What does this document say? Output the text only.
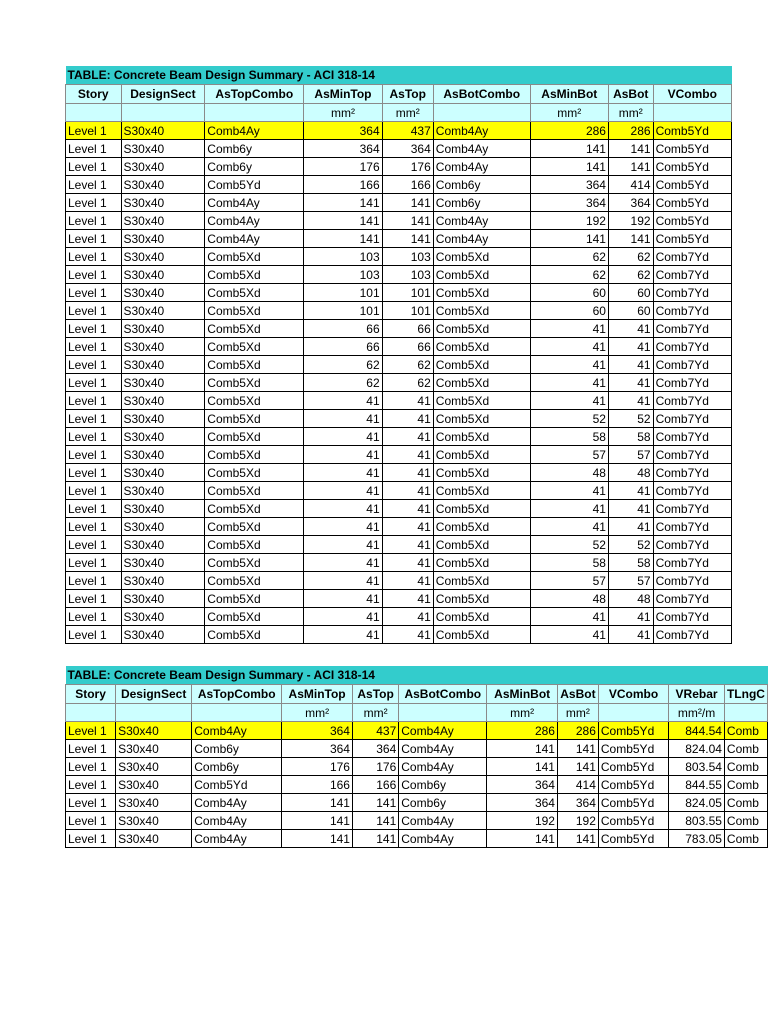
TABLE: Concrete Beam Design Summary - ACI 318-14								
Story	DesignSect	AsTopCombo	AsMinTop	AsTop	AsBotCombo	AsMinBot	AsBot	VCombo
			mm²	mm²		mm²	mm²	
Level 1	S30x40	Comb4Ay	364	437	Comb4Ay	286	286	Comb5Yd
Level 1	S30x40	Comb6y	364	364	Comb4Ay	141	141	Comb5Yd
Level 1	S30x40	Comb6y	176	176	Comb4Ay	141	141	Comb5Yd
Level 1	S30x40	Comb5Yd	166	166	Comb6y	364	414	Comb5Yd
Level 1	S30x40	Comb4Ay	141	141	Comb6y	364	364	Comb5Yd
Level 1	S30x40	Comb4Ay	141	141	Comb4Ay	192	192	Comb5Yd
Level 1	S30x40	Comb4Ay	141	141	Comb4Ay	141	141	Comb5Yd
Level 1	S30x40	Comb5Xd	103	103	Comb5Xd	62	62	Comb7Yd
Level 1	S30x40	Comb5Xd	103	103	Comb5Xd	62	62	Comb7Yd
Level 1	S30x40	Comb5Xd	101	101	Comb5Xd	60	60	Comb7Yd
Level 1	S30x40	Comb5Xd	101	101	Comb5Xd	60	60	Comb7Yd
Level 1	S30x40	Comb5Xd	66	66	Comb5Xd	41	41	Comb7Yd
Level 1	S30x40	Comb5Xd	66	66	Comb5Xd	41	41	Comb7Yd
Level 1	S30x40	Comb5Xd	62	62	Comb5Xd	41	41	Comb7Yd
Level 1	S30x40	Comb5Xd	62	62	Comb5Xd	41	41	Comb7Yd
Level 1	S30x40	Comb5Xd	41	41	Comb5Xd	41	41	Comb7Yd
Level 1	S30x40	Comb5Xd	41	41	Comb5Xd	52	52	Comb7Yd
Level 1	S30x40	Comb5Xd	41	41	Comb5Xd	58	58	Comb7Yd
Level 1	S30x40	Comb5Xd	41	41	Comb5Xd	57	57	Comb7Yd
Level 1	S30x40	Comb5Xd	41	41	Comb5Xd	48	48	Comb7Yd
Level 1	S30x40	Comb5Xd	41	41	Comb5Xd	41	41	Comb7Yd
Level 1	S30x40	Comb5Xd	41	41	Comb5Xd	41	41	Comb7Yd
Level 1	S30x40	Comb5Xd	41	41	Comb5Xd	41	41	Comb7Yd
Level 1	S30x40	Comb5Xd	41	41	Comb5Xd	52	52	Comb7Yd
Level 1	S30x40	Comb5Xd	41	41	Comb5Xd	58	58	Comb7Yd
Level 1	S30x40	Comb5Xd	41	41	Comb5Xd	57	57	Comb7Yd
Level 1	S30x40	Comb5Xd	41	41	Comb5Xd	48	48	Comb7Yd
Level 1	S30x40	Comb5Xd	41	41	Comb5Xd	41	41	Comb7Yd
Level 1	S30x40	Comb5Xd	41	41	Comb5Xd	41	41	Comb7Yd
TABLE: Concrete Beam Design Summary - ACI 318-14										
Story	DesignSect	AsTopCombo	AsMinTop	AsTop	AsBotCombo	AsMinBot	AsBot	VCombo	VRebar	TLngC
			mm²	mm²		mm²	mm²		mm²/m	
Level 1	S30x40	Comb4Ay	364	437	Comb4Ay	286	286	Comb5Yd	844.54	Comb
Level 1	S30x40	Comb6y	364	364	Comb4Ay	141	141	Comb5Yd	824.04	Comb
Level 1	S30x40	Comb6y	176	176	Comb4Ay	141	141	Comb5Yd	803.54	Comb
Level 1	S30x40	Comb5Yd	166	166	Comb6y	364	414	Comb5Yd	844.55	Comb
Level 1	S30x40	Comb4Ay	141	141	Comb6y	364	364	Comb5Yd	824.05	Comb
Level 1	S30x40	Comb4Ay	141	141	Comb4Ay	192	192	Comb5Yd	803.55	Comb
Level 1	S30x40	Comb4Ay	141	141	Comb4Ay	141	141	Comb5Yd	783.05	Comb
